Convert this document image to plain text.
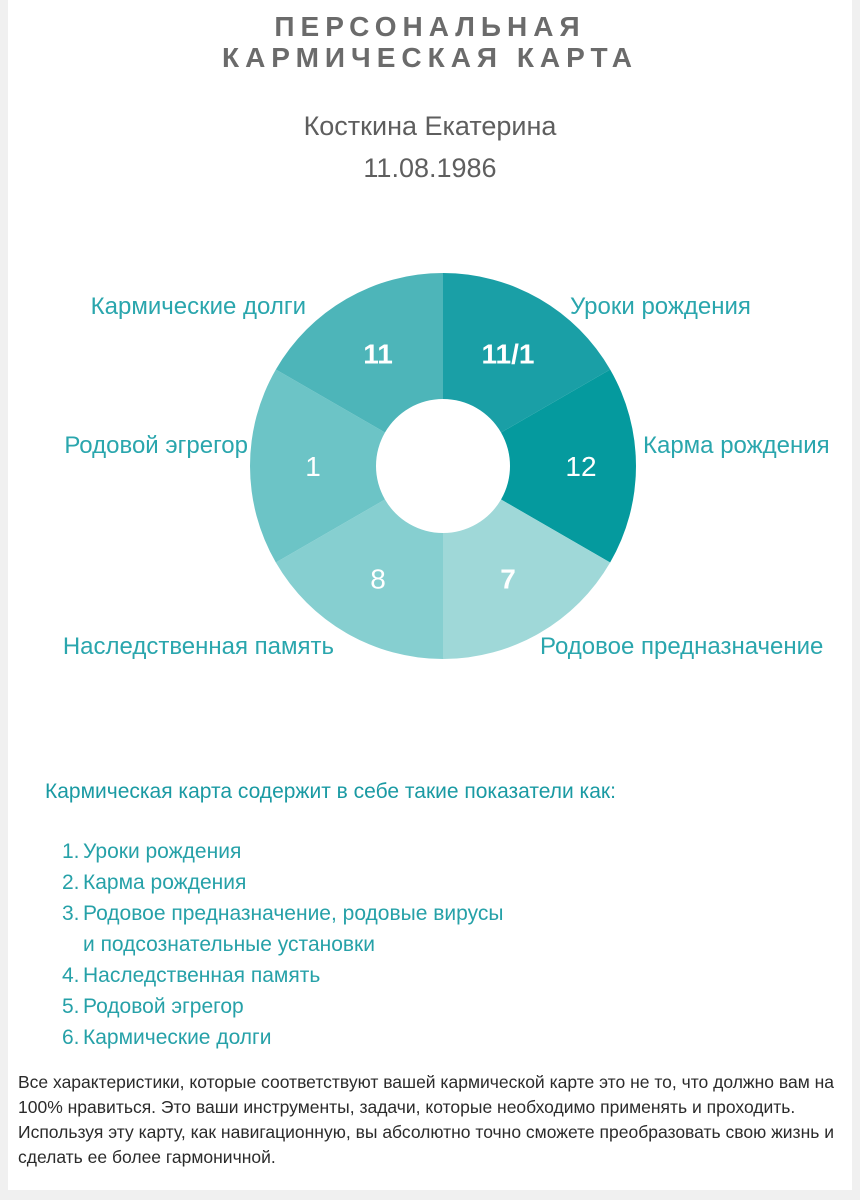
ПЕРСОНАЛЬНАЯ
КАРМИЧЕСКАЯ КАРТА
Косткина Екатерина
11.08.1986
11/1
Уроки рождения
12
Карма рождения
7
Родовое предназначение
8
Наследственная память
1
Родовой эгрегор
11
Кармические долги
Кармическая карта содержит в себе такие показатели как:
1. Уроки рождения
2. Карма рождения
3. Родовое предназначение, родовые вирусы и подсознательные установки
4. Наследственная память
5. Родовой эгрегор
6. Кармические долги
Все характеристики, которые соответствуют вашей кармической карте это не то, что должно вам на 100% нравиться. Это ваши инструменты, задачи, которые необходимо применять и проходить. Используя эту карту, как навигационную, вы абсолютно точно сможете преобразовать свою жизнь и сделать ее более гармоничной.
